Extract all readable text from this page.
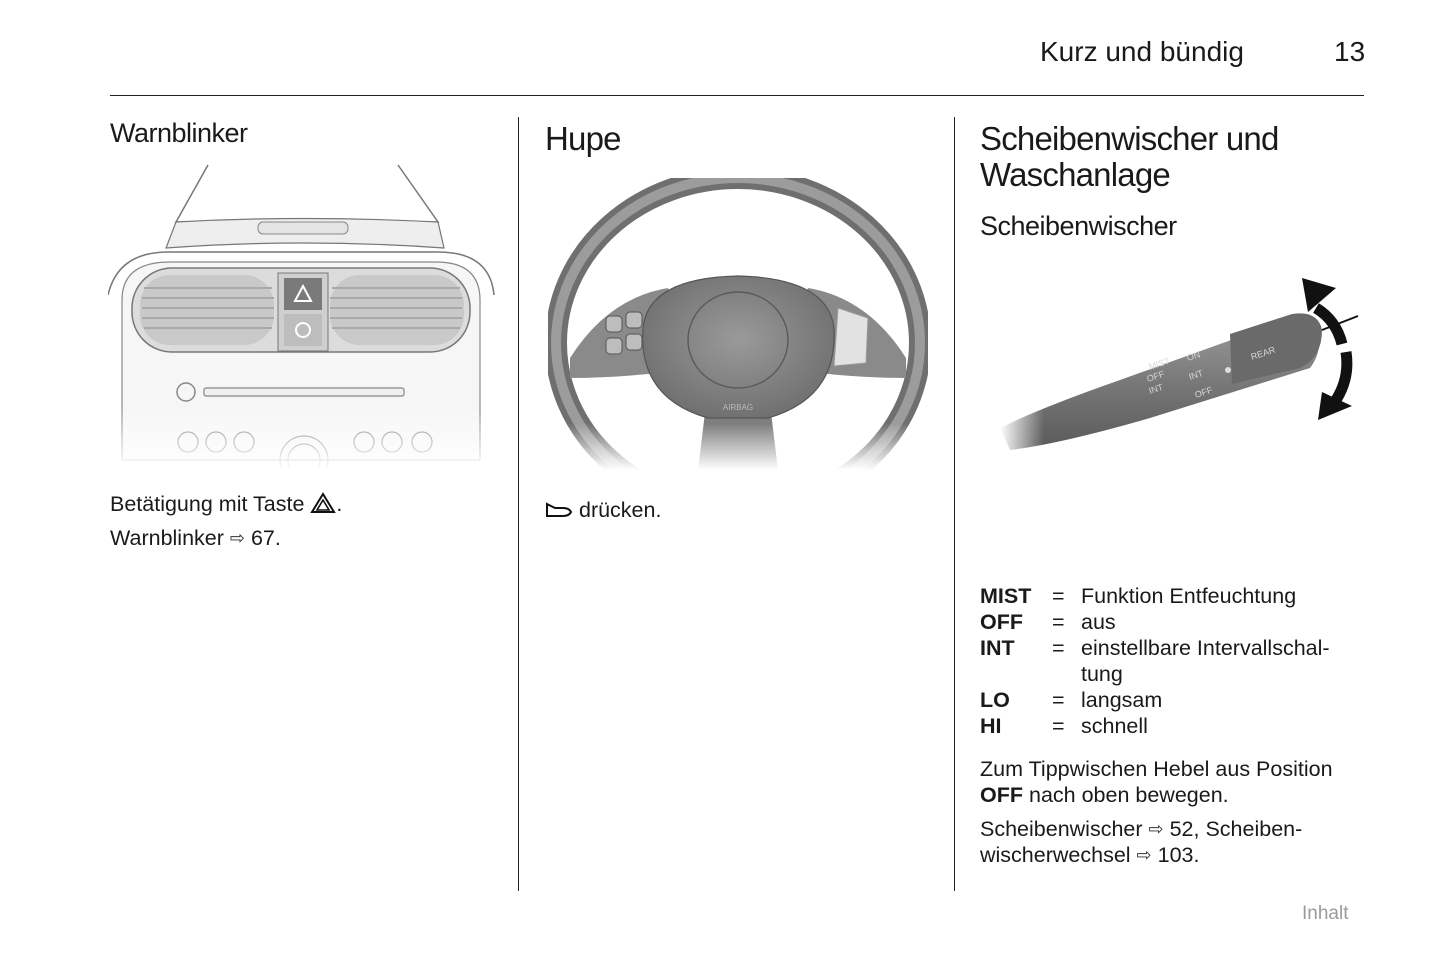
Kurz und bündig	13
Warnblinker
Betätigung mit Taste .
Warnblinker ⇨ 67.
Hupe
drücken.
Scheibenwischer und
Waschanlage
Scheibenwischer
MIST = Funktion Entfeuchtung
OFF = aus
INT = einstellbare Intervallschal-
tung
LO = langsam
HI = schnell
Zum Tippwischen Hebel aus Position
OFF nach oben bewegen.
Scheibenwischer ⇨ 52, Scheiben-
wischerwechsel ⇨ 103.
Inhalt
